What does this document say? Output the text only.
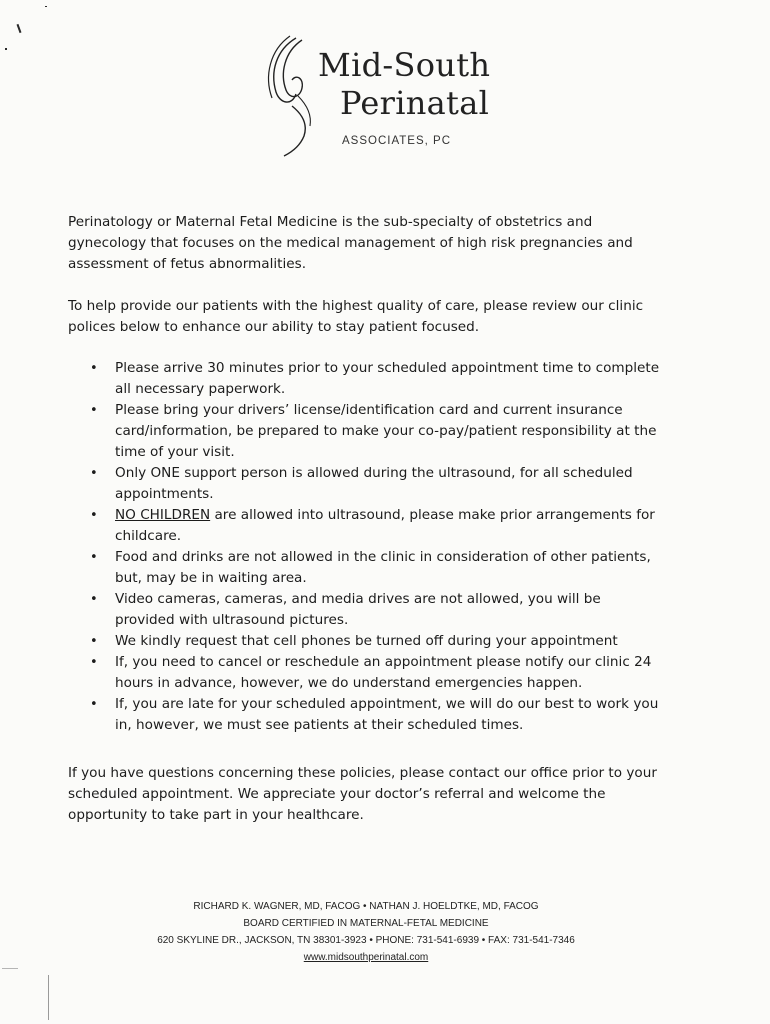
Mid-South
Perinatal
ASSOCIATES, PC

Perinatology or Maternal Fetal Medicine is the sub-specialty of obstetrics and gynecology that focuses on the medical management of high risk pregnancies and assessment of fetus abnormalities.

To help provide our patients with the highest quality of care, please review our clinic polices below to enhance our ability to stay patient focused.

•	Please arrive 30 minutes prior to your scheduled appointment time to complete all necessary paperwork.
•	Please bring your drivers’ license/identification card and current insurance card/information, be prepared to make your co-pay/patient responsibility at the time of your visit.
•	Only ONE support person is allowed during the ultrasound, for all scheduled appointments.
•	NO CHILDREN are allowed into ultrasound, please make prior arrangements for childcare.
•	Food and drinks are not allowed in the clinic in consideration of other patients, but, may be in waiting area.
•	Video cameras, cameras, and media drives are not allowed, you will be provided with ultrasound pictures.
•	We kindly request that cell phones be turned off during your appointment
•	If, you need to cancel or reschedule an appointment please notify our clinic 24 hours in advance, however, we do understand emergencies happen.
•	If, you are late for your scheduled appointment, we will do our best to work you in, however, we must see patients at their scheduled times.

If you have questions concerning these policies, please contact our office prior to your scheduled appointment. We appreciate your doctor’s referral and welcome the opportunity to take part in your healthcare.

RICHARD K. WAGNER, MD, FACOG • NATHAN J. HOELDTKE, MD, FACOG
BOARD CERTIFIED IN MATERNAL-FETAL MEDICINE
620 SKYLINE DR., JACKSON, TN 38301-3923 • PHONE: 731-541-6939 • FAX: 731-541-7346
www.midsouthperinatal.com
